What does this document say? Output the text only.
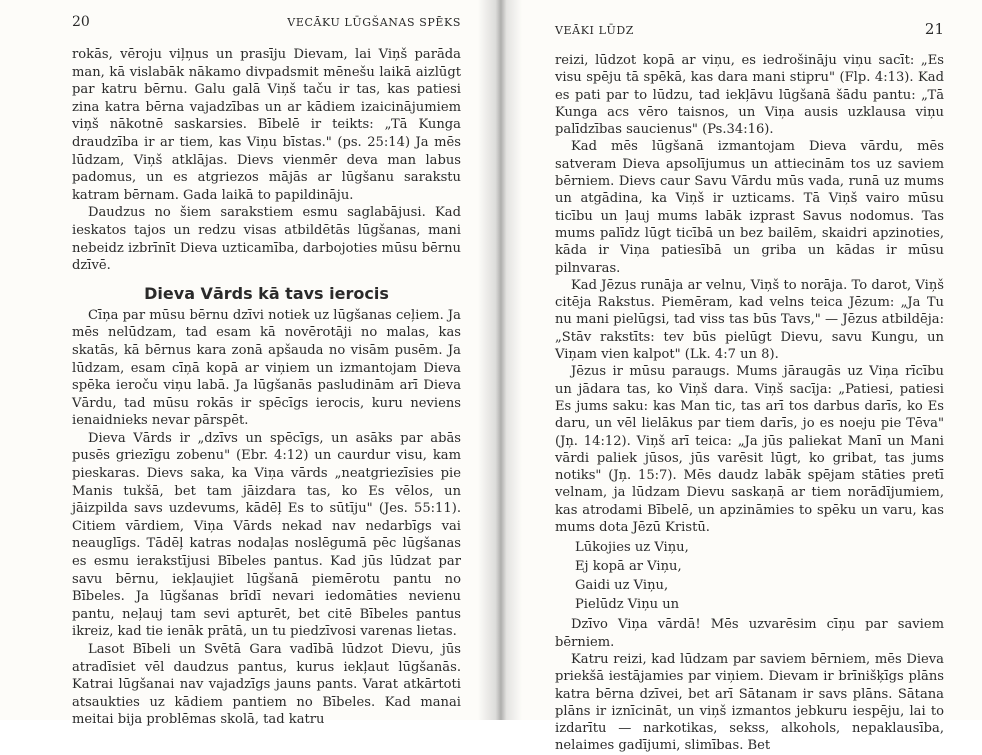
20	VECĀKU LŪGŠANAS SPĒKS

rokās, vēroju viļņus un prasīju Dievam, lai Viņš parāda man, kā vislabāk nākamo divpadsmit mēnešu laikā aizlūgt par katru bērnu. Galu galā Viņš taču ir tas, kas patiesi zina katra bērna vajadzības un ar kādiem izaicinājumiem viņš nākotnē saskarsies. Bībelē ir teikts: „Tā Kunga draudzība ir ar tiem, kas Viņu bīstas." (ps. 25:14) Ja mēs lūdzam, Viņš atklājas. Dievs vienmēr deva man labus padomus, un es atgriezos mājās ar lūgšanu sarakstu katram bērnam. Gada laikā to papildināju.

Daudzus no šiem sarakstiem esmu saglabājusi. Kad ieskatos tajos un redzu visas atbildētās lūgšanas, mani nebeidz izbrīnīt Dieva uzticamība, darbojoties mūsu bērnu dzīvē.

Dieva Vārds kā tavs ierocis

Cīņa par mūsu bērnu dzīvi notiek uz lūgšanas ceļiem. Ja mēs nelūdzam, tad esam kā novērotāji no malas, kas skatās, kā bērnus kara zonā apšauda no visām pusēm. Ja lūdzam, esam cīņā kopā ar viņiem un izmantojam Dieva spēka ieroču viņu labā. Ja lūgšanās pasludinām arī Dieva Vārdu, tad mūsu rokās ir spēcīgs ierocis, kuru neviens ienaidnieks nevar pārspēt.

Dieva Vārds ir „dzīvs un spēcīgs, un asāks par abās pusēs griezīgu zobenu" (Ebr. 4:12) un caurdur visu, kam pieskaras. Dievs saka, ka Viņa vārds „neatgriezīsies pie Manis tukšā, bet tam jāizdara tas, ko Es vēlos, un jāizpilda savs uzdevums, kādēļ Es to sūtīju" (Jes. 55:11). Citiem vārdiem, Viņa Vārds nekad nav nedarbīgs vai neauglīgs. Tādēļ katras nodaļas noslēgumā pēc lūgšanas es esmu ierakstījusi Bībeles pantus. Kad jūs lūdzat par savu bērnu, iekļaujiet lūgšanā piemērotu pantu no Bībeles. Ja lūgšanas brīdī nevari iedomāties nevienu pantu, neļauj tam sevi apturēt, bet citē Bībeles pantus ikreiz, kad tie ienāk prātā, un tu piedzīvosi varenas lietas.

Lasot Bībeli un Svētā Gara vadībā lūdzot Dievu, jūs atradīsiet vēl daudzus pantus, kurus iekļaut lūgšanās. Katrai lūgšanai nav vajadzīgs jauns pants. Varat atkārtoti atsaukties uz kādiem pantiem no Bībeles. Kad manai meitai bija problēmas skolā, tad katru

VEĀKI LŪDZ	21

reizi, lūdzot kopā ar viņu, es iedrošināju viņu sacīt: „Es visu spēju tā spēkā, kas dara mani stipru" (Flp. 4:13). Kad es pati par to lūdzu, tad iekļāvu lūgšanā šādu pantu: „Tā Kunga acs vēro taisnos, un Viņa ausis uzklausa viņu palīdzības saucienus" (Ps.34:16).

Kad mēs lūgšanā izmantojam Dieva vārdu, mēs satveram Dieva apsolījumus un attiecinām tos uz saviem bērniem. Dievs caur Savu Vārdu mūs vada, runā uz mums un atgādina, ka Viņš ir uzticams. Tā Viņš vairo mūsu ticību un ļauj mums labāk izprast Savus nodomus. Tas mums palīdz lūgt ticībā un bez bailēm, skaidri apzinoties, kāda ir Viņa patiesībā un griba un kādas ir mūsu pilnvaras.

Kad Jēzus runāja ar velnu, Viņš to norāja. To darot, Viņš citēja Rakstus. Piemēram, kad velns teica Jēzum: „Ja Tu nu mani pielūgsi, tad viss tas būs Tavs," — Jēzus atbildēja: „Stāv rakstīts: tev būs pielūgt Dievu, savu Kungu, un Viņam vien kalpot" (Lk. 4:7 un 8).

Jēzus ir mūsu paraugs. Mums jāraugās uz Viņa rīcību un jādara tas, ko Viņš dara. Viņš sacīja: „Patiesi, patiesi Es jums saku: kas Man tic, tas arī tos darbus darīs, ko Es daru, un vēl lielākus par tiem darīs, jo es noeju pie Tēva" (Jņ. 14:12). Viņš arī teica: „Ja jūs paliekat Manī un Mani vārdi paliek jūsos, jūs varēsit lūgt, ko gribat, tas jums notiks" (Jņ. 15:7). Mēs daudz labāk spējam stāties pretī velnam, ja lūdzam Dievu saskaņā ar tiem norādījumiem, kas atrodami Bībelē, un apzināmies to spēku un varu, kas mums dota Jēzū Kristū.

Lūkojies uz Viņu,
Ej kopā ar Viņu,
Gaidi uz Viņu,
Pielūdz Viņu un

Dzīvo Viņa vārdā! Mēs uzvarēsim cīņu par saviem bērniem.

Katru reizi, kad lūdzam par saviem bērniem, mēs Dieva priekšā iestājamies par viņiem. Dievam ir brīnišķīgs plāns katra bērna dzīvei, bet arī Sātanam ir savs plāns. Sātana plāns ir iznīcināt, un viņš izmantos jebkuru iespēju, lai to izdarītu — narkotikas, sekss, alkohols, nepaklausība, nelaimes gadījumi, slimības. Bet
